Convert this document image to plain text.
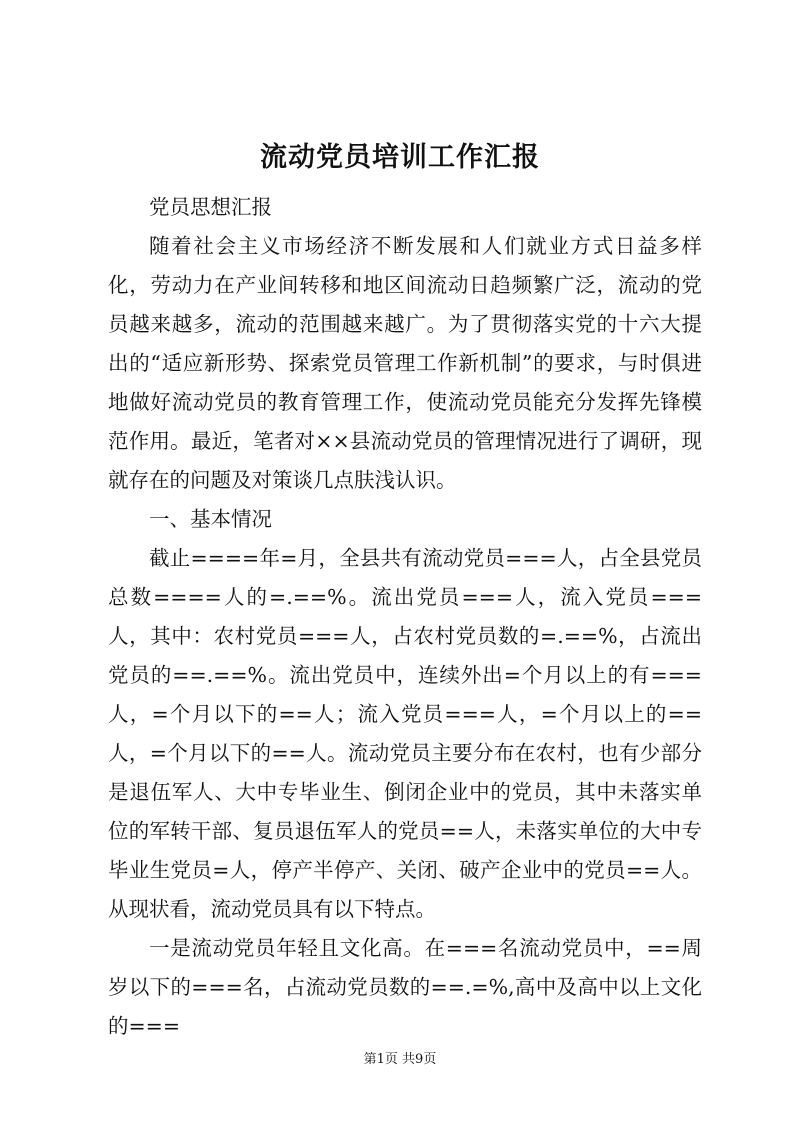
流动党员培训工作汇报

党员思想汇报

随着社会主义市场经济不断发展和人们就业方式日益多样化，劳动力在产业间转移和地区间流动日趋频繁广泛，流动的党员越来越多，流动的范围越来越广。为了贯彻落实党的十六大提出的“适应新形势、探索党员管理工作新机制”的要求，与时俱进地做好流动党员的教育管理工作，使流动党员能充分发挥先锋模范作用。最近，笔者对××县流动党员的管理情况进行了调研，现就存在的问题及对策谈几点肤浅认识。

一、基本情况

截止====年=月，全县共有流动党员===人，占全县党员总数====人的=.==%。流出党员===人，流入党员===人，其中：农村党员===人，占农村党员数的=.==%，占流出党员的==.==%。流出党员中，连续外出=个月以上的有===人，=个月以下的==人；流入党员===人，=个月以上的==人，=个月以下的==人。流动党员主要分布在农村，也有少部分是退伍军人、大中专毕业生、倒闭企业中的党员，其中未落实单位的军转干部、复员退伍军人的党员==人，未落实单位的大中专毕业生党员=人，停产半停产、关闭、破产企业中的党员==人。从现状看，流动党员具有以下特点。

一是流动党员年轻且文化高。在===名流动党员中，==周岁以下的===名，占流动党员数的==.=%,高中及高中以上文化的===

第1页 共9页
